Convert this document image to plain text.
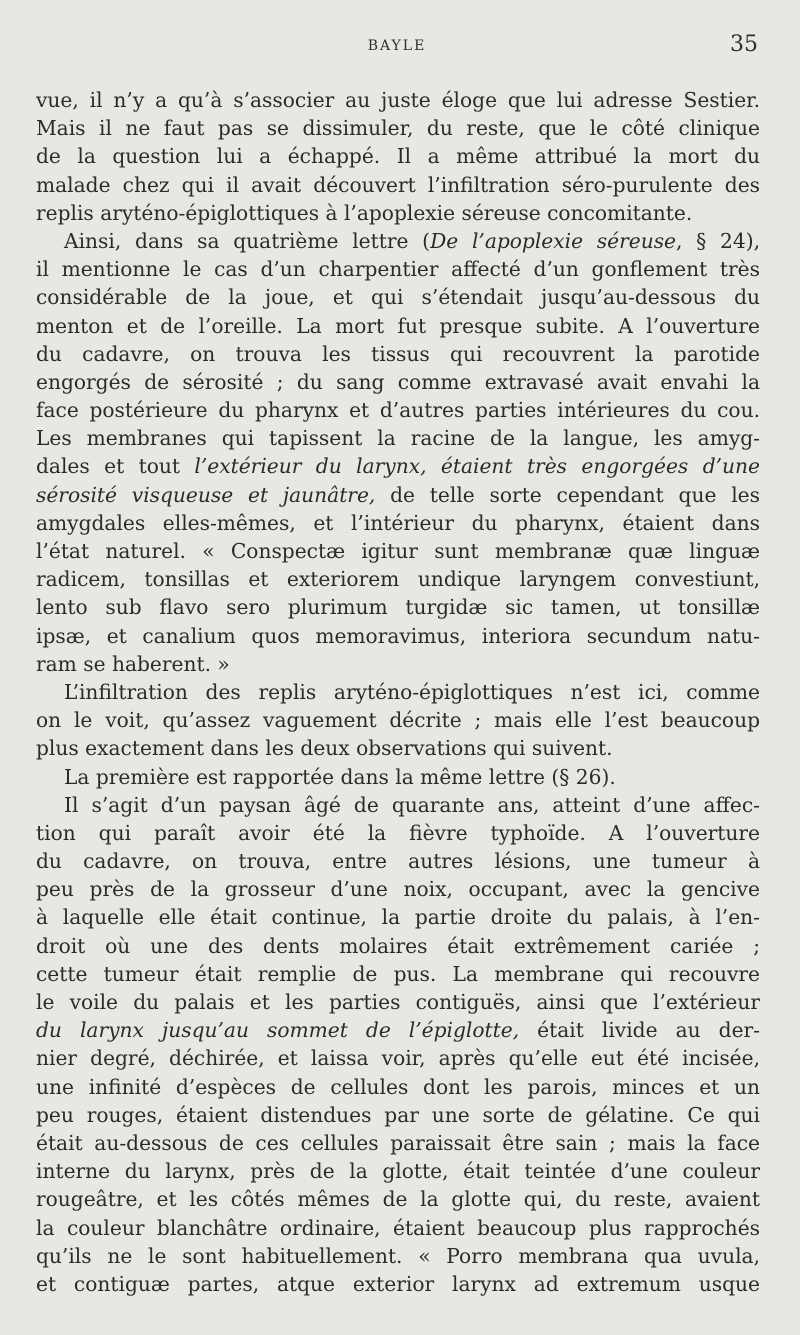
BAYLE	35
vue, il n’y a qu’à s’associer au juste éloge que lui adresse Sestier.
Mais il ne faut pas se dissimuler, du reste, que le côté clinique
de la question lui a échappé. Il a même attribué la mort du
malade chez qui il avait découvert l’infiltration séro-purulente des
replis aryténo-épiglottiques à l’apoplexie séreuse concomitante.
Ainsi, dans sa quatrième lettre (De l’apoplexie séreuse, § 24),
il mentionne le cas d’un charpentier affecté d’un gonflement très
considérable de la joue, et qui s’étendait jusqu’au-dessous du
menton et de l’oreille. La mort fut presque subite. A l’ouverture
du cadavre, on trouva les tissus qui recouvrent la parotide
engorgés de sérosité ; du sang comme extravasé avait envahi la
face postérieure du pharynx et d’autres parties intérieures du cou.
Les membranes qui tapissent la racine de la langue, les amyg-
dales et tout l’extérieur du larynx, étaient très engorgées d’une
sérosité visqueuse et jaunâtre, de telle sorte cependant que les
amygdales elles-mêmes, et l’intérieur du pharynx, étaient dans
l’état naturel. « Conspectæ igitur sunt membranæ quæ linguæ
radicem, tonsillas et exteriorem undique laryngem convestiunt,
lento sub flavo sero plurimum turgidæ sic tamen, ut tonsillæ
ipsæ, et canalium quos memoravimus, interiora secundum natu-
ram se haberent. »
L’infiltration des replis aryténo-épiglottiques n’est ici, comme
on le voit, qu’assez vaguement décrite ; mais elle l’est beaucoup
plus exactement dans les deux observations qui suivent.
La première est rapportée dans la même lettre (§ 26).
Il s’agit d’un paysan âgé de quarante ans, atteint d’une affec-
tion qui paraît avoir été la fièvre typhoïde. A l’ouverture
du cadavre, on trouva, entre autres lésions, une tumeur à
peu près de la grosseur d’une noix, occupant, avec la gencive
à laquelle elle était continue, la partie droite du palais, à l’en-
droit où une des dents molaires était extrêmement cariée ;
cette tumeur était remplie de pus. La membrane qui recouvre
le voile du palais et les parties contiguës, ainsi que l’extérieur
du larynx jusqu’au sommet de l’épiglotte, était livide au der-
nier degré, déchirée, et laissa voir, après qu’elle eut été incisée,
une infinité d’espèces de cellules dont les parois, minces et un
peu rouges, étaient distendues par une sorte de gélatine. Ce qui
était au-dessous de ces cellules paraissait être sain ; mais la face
interne du larynx, près de la glotte, était teintée d’une couleur
rougeâtre, et les côtés mêmes de la glotte qui, du reste, avaient
la couleur blanchâtre ordinaire, étaient beaucoup plus rapprochés
qu’ils ne le sont habituellement. « Porro membrana qua uvula,
et contiguæ partes, atque exterior larynx ad extremum usque
